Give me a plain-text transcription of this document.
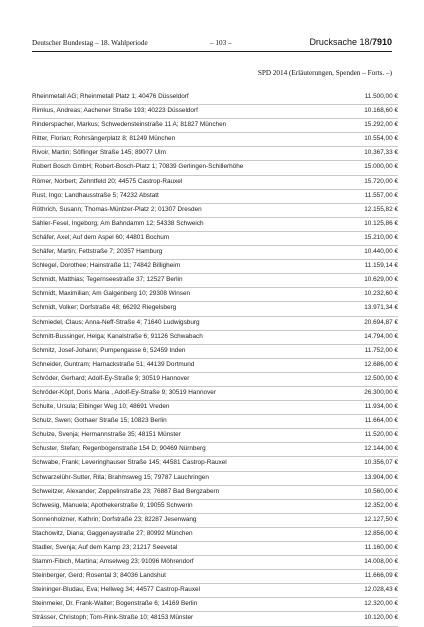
Deutscher Bundestag – 18. Wahlperiode	– 103 –	Drucksache 18/7910
SPD 2014 (Erläuterungen, Spenden – Forts. –)
Rheinmetall AG; Rheinmetall Platz 1; 40476 Düsseldorf	11.500,00 €
Rimkus, Andreas; Aachener Straße 193; 40223 Düsseldorf	10.168,60 €
Rinderspacher, Markus; Schwedensteinstraße 11 A; 81827 München	15.292,00 €
Ritter, Florian; Rohrsängerplatz 8; 81249 München	10.554,00 €
Rivoir, Martin; Söflinger Straße 145; 89077 Ulm	10.367,33 €
Robert Bosch GmbH; Robert-Bosch-Platz 1; 70839 Gerlingen-Schillerhöhe	15.000,00 €
Römer, Norbert; Zehntfeld 20; 44575 Castrop-Rauxel	15.720,00 €
Rust, Ingo; Landhausstraße 5; 74232 Abstatt	11.557,00 €
Röthrich, Susann; Thomas-Müntzer-Platz 2; 01307 Dresden	12.155,82 €
Sahler-Fesel, Ingeborg; Am Bahndamm 12; 54338 Schweich	10.125,86 €
Schäfer, Axel; Auf dem Aspel 60; 44801 Bochum	15.210,00 €
Schäfer, Martin; Fettstraße 7; 20357 Hamburg	10.440,00 €
Schlegel, Dorothee; Hainstraße 11; 74842 Billigheim	11.159,14 €
Schmidt, Matthias; Tegernseestraße 37; 12527 Berlin	10.629,00 €
Schmidt, Maximilian; Am Galgenberg 10; 29308 Winsen	10.232,60 €
Schmidt, Volker; Dorfstraße 48; 66292 Riegelsberg	13.971,34 €
Schmiedel, Claus; Anna-Neff-Straße 4; 71640 Ludwigsburg	20.694,87 €
Schmitt-Bussinger, Helga; Kanalstraße 6; 91126 Schwabach	14.794,00 €
Schmitz, Josef-Johann; Pumpengasse 6; 52459 Inden	11.752,00 €
Schneider, Guntram; Harnackstraße 51; 44139 Dortmund	12.686,00 €
Schröder, Gerhard; Adolf-Ey-Straße 9; 30519 Hannover	12.500,00 €
Schröder-Köpf, Doris Maria , Adolf-Ey-Straße 9; 30519 Hannover	26.300,00 €
Schulte, Ursula; Elbinger Weg 10; 48691 Vreden	11.934,00 €
Schulz, Swen; Gothaer Straße 15; 10823 Berlin	11.664,00 €
Schulze, Svenja; Hermannstraße 35; 48151 Münster	11.520,00 €
Schuster, Stefan; Regenbogenstraße 154 D; 90469 Nürnberg	12.144,00 €
Schwabe, Frank; Leveringhauser Straße 145; 44581 Castrop-Rauxel	10.356,07 €
Schwarzelühr-Sutter, Rita; Brahmsweg 15; 79787 Lauchringen	13.904,00 €
Schweitzer, Alexander; Zeppelinstraße 23; 76887 Bad Bergzabern	10.560,00 €
Schwesig, Manuela; Apothekerstraße 9; 19055 Schwerin	12.352,00 €
Sonnenholzner, Kathrin; Dorfstraße 23; 82287 Jesenwang	12.127,50 €
Stachowitz, Diana; Gaggenaystraße 27; 80992 München	12.856,00 €
Stadler, Svenja; Auf dem Kamp 23; 21217 Seevetal	11.160,00 €
Stamm-Fibich, Martina; Amselweg 23; 91096 Möhrendorf	14.008,00 €
Steinberger, Gerd; Rosental 3; 84036 Landshut	11.666,09 €
Steininger-Bludau, Eva; Hellweg 34; 44577 Castrop-Rauxel	12.028,43 €
Steinmeier, Dr. Frank-Walter; Bogenstraße 6; 14169 Berlin	12.320,00 €
Strässer, Christoph; Tom-Rink-Straße 10; 48153 Münster	10.120,00 €
